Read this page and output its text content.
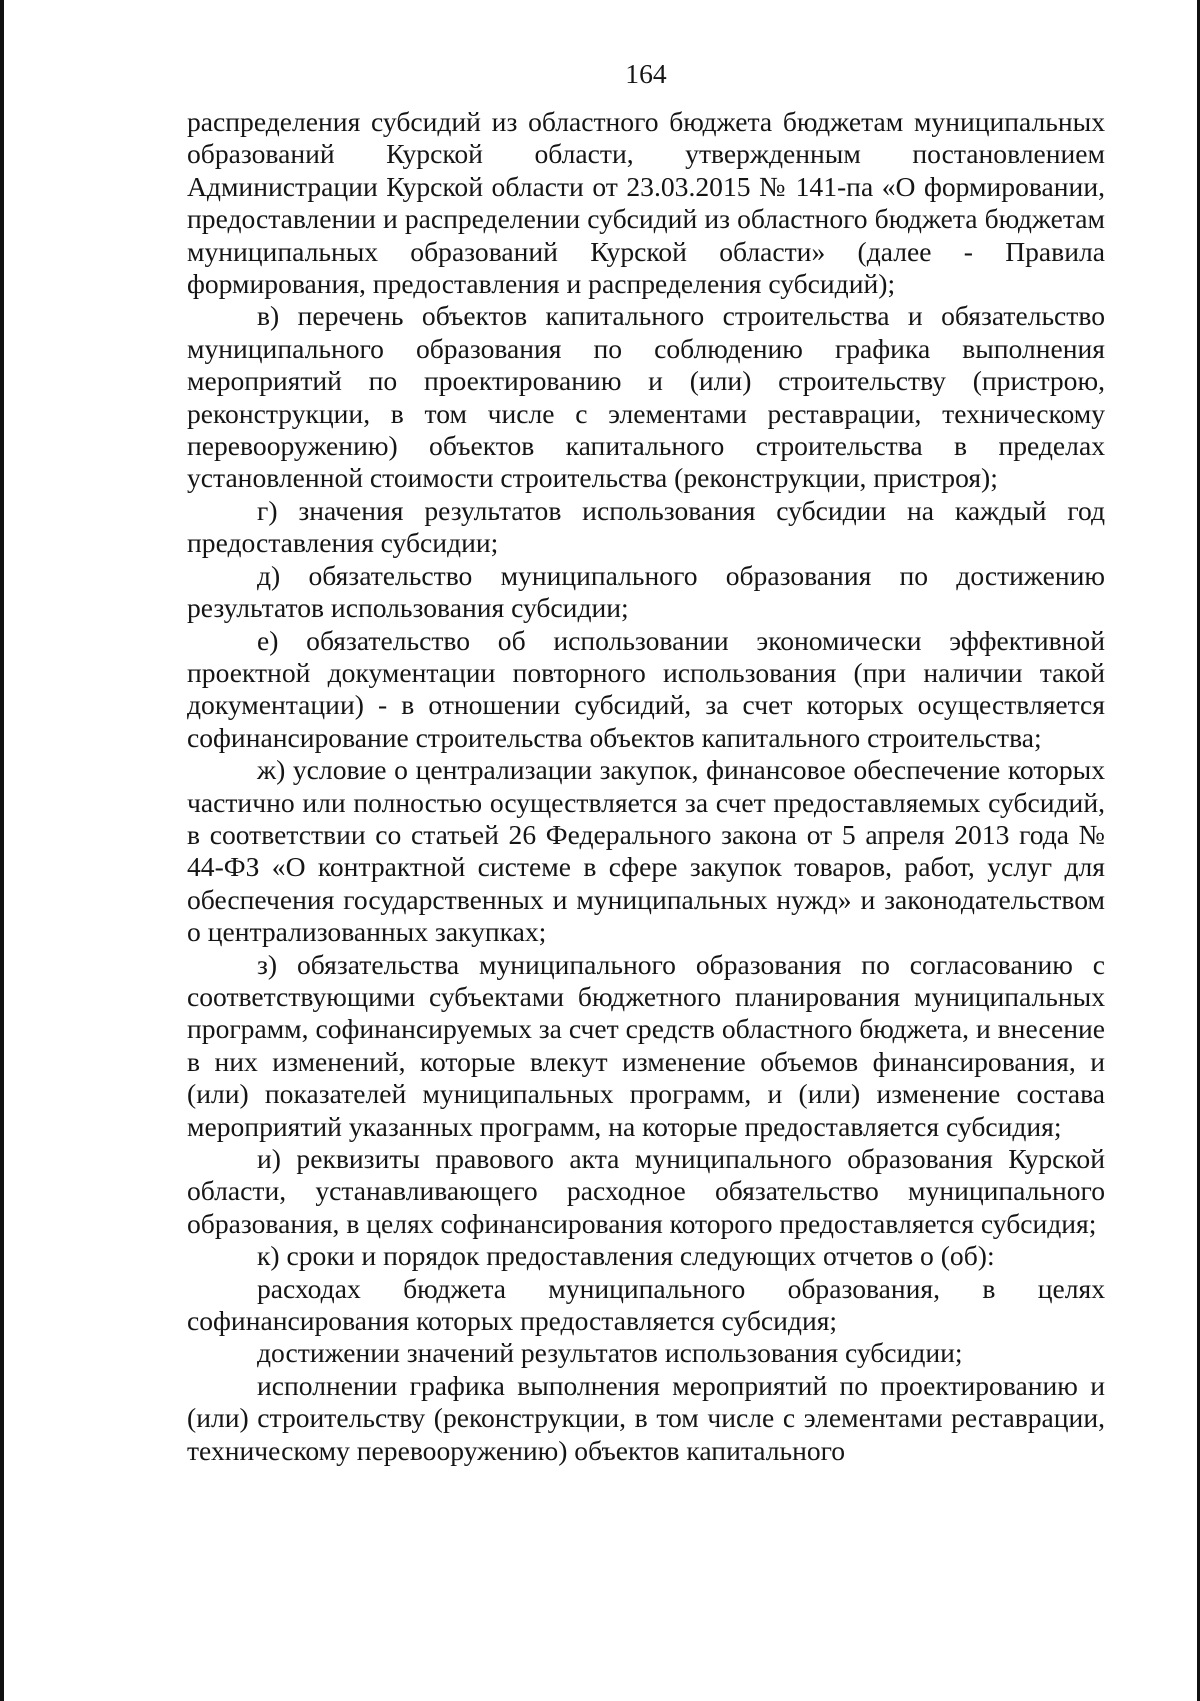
164

распределения субсидий из областного бюджета бюджетам муниципальных образований Курской области, утвержденным постановлением Администрации Курской области от 23.03.2015 № 141-па «О формировании, предоставлении и распределении субсидий из областного бюджета бюджетам муниципальных образований Курской области» (далее - Правила формирования, предоставления и распределения субсидий);

в) перечень объектов капитального строительства и обязательство муниципального образования по соблюдению графика выполнения мероприятий по проектированию и (или) строительству (пристрою, реконструкции, в том числе с элементами реставрации, техническому перевооружению) объектов капитального строительства в пределах установленной стоимости строительства (реконструкции, пристроя);

г) значения результатов использования субсидии на каждый год предоставления субсидии;

д) обязательство муниципального образования по достижению результатов использования субсидии;

е) обязательство об использовании экономически эффективной проектной документации повторного использования (при наличии такой документации) - в отношении субсидий, за счет которых осуществляется софинансирование строительства объектов капитального строительства;

ж) условие о централизации закупок, финансовое обеспечение которых частично или полностью осуществляется за счет предоставляемых субсидий, в соответствии со статьей 26 Федерального закона от 5 апреля 2013 года № 44-ФЗ «О контрактной системе в сфере закупок товаров, работ, услуг для обеспечения государственных и муниципальных нужд» и законодательством о централизованных закупках;

з) обязательства муниципального образования по согласованию с соответствующими субъектами бюджетного планирования муниципальных программ, софинансируемых за счет средств областного бюджета, и внесение в них изменений, которые влекут изменение объемов финансирования, и (или) показателей муниципальных программ, и (или) изменение состава мероприятий указанных программ, на которые предоставляется субсидия;

и) реквизиты правового акта муниципального образования Курской области, устанавливающего расходное обязательство муниципального образования, в целях софинансирования которого предоставляется субсидия;

к) сроки и порядок предоставления следующих отчетов о (об):

расходах бюджета муниципального образования, в целях софинансирования которых предоставляется субсидия;

достижении значений результатов использования субсидии;

исполнении графика выполнения мероприятий по проектированию и (или) строительству (реконструкции, в том числе с элементами реставрации, техническому перевооружению) объектов капитального
